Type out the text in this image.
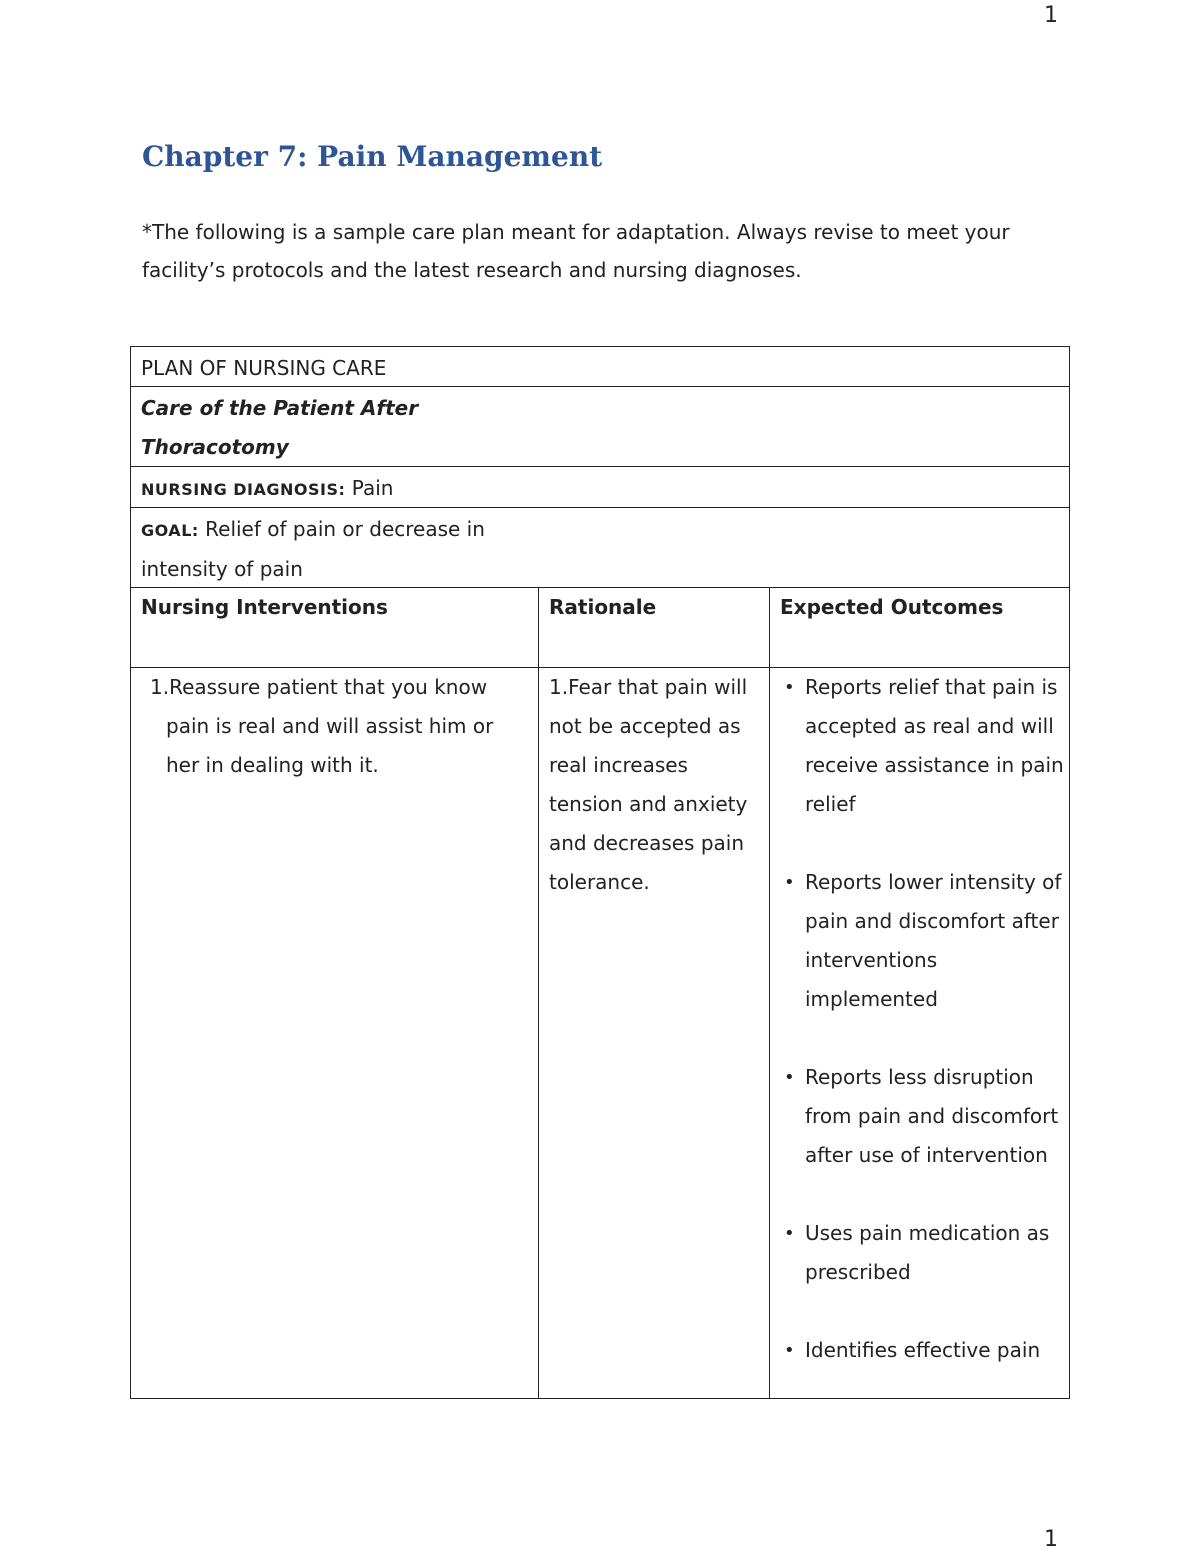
1
Chapter 7: Pain Management
*The following is a sample care plan meant for adaptation. Always revise to meet your facility’s protocols and the latest research and nursing diagnoses.
PLAN OF NURSING CARE
Care of the Patient After
Thoracotomy
NURSING DIAGNOSIS: Pain
GOAL: Relief of pain or decrease in
intensity of pain
Nursing Interventions	Rationale	Expected Outcomes
1.Reassure patient that you know pain is real and will assist him or her in dealing with it.
1.Fear that pain will not be accepted as real increases tension and anxiety and decreases pain tolerance.
• Reports relief that pain is accepted as real and will receive assistance in pain relief
• Reports lower intensity of pain and discomfort after interventions implemented
• Reports less disruption from pain and discomfort after use of intervention
• Uses pain medication as prescribed
• Identifies effective pain
1
